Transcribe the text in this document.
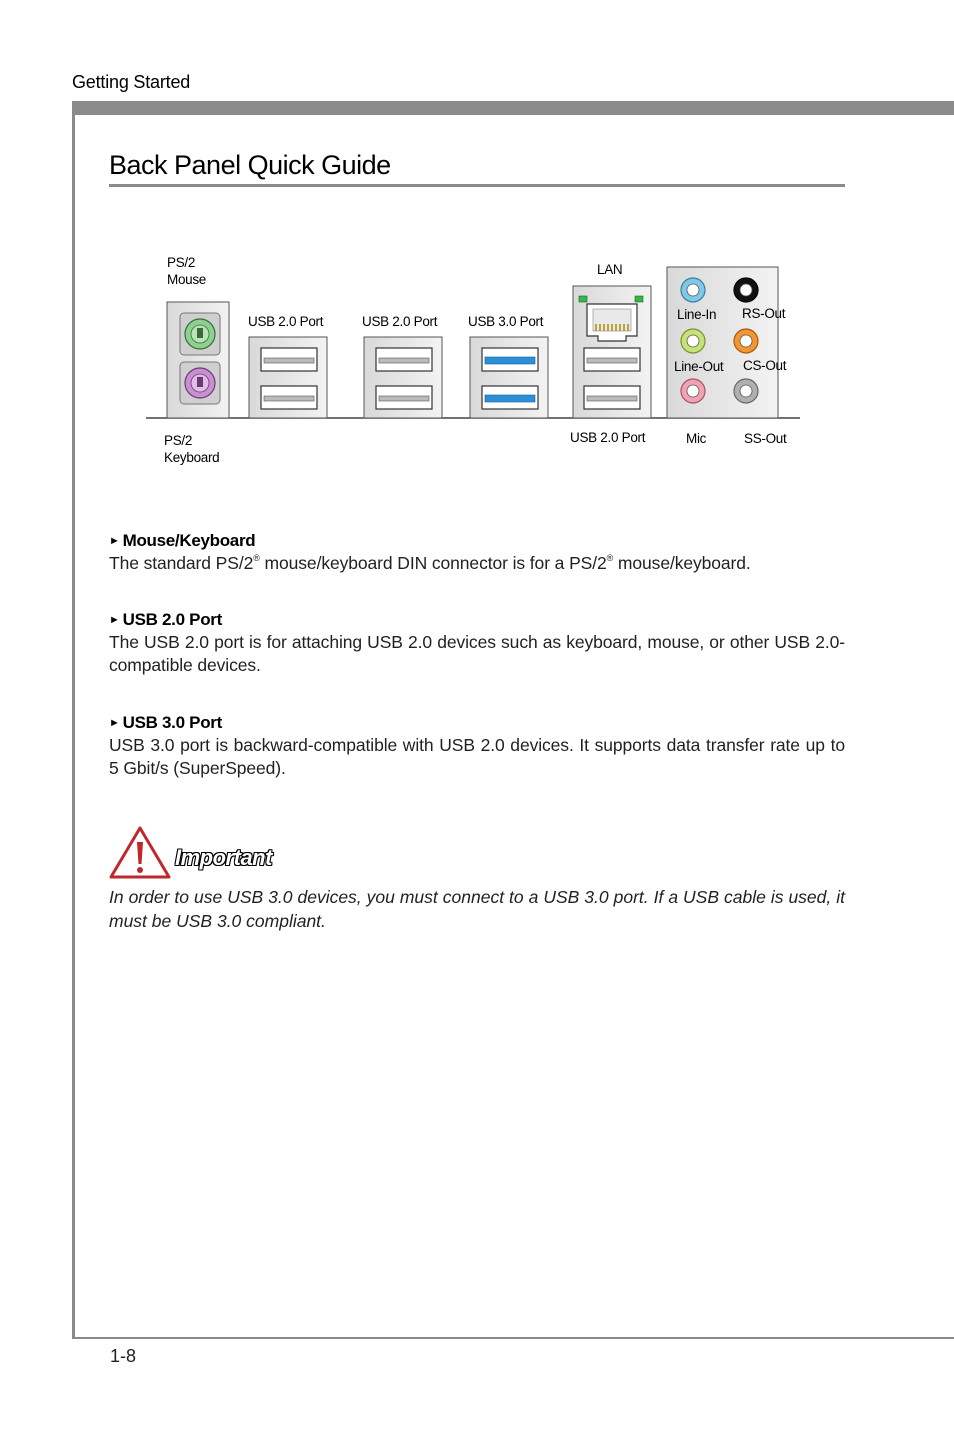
Getting Started
Back Panel Quick Guide
PS/2
Mouse
PS/2
Keyboard
USB 2.0 Port	USB 2.0 Port USB 3.0 Port
LAN
USB 2.0 Port
Line-In RS-Out
Line-Out CS-Out
Mic	SS-Out
► Mouse/Keyboard

The standard PS/2® mouse/keyboard DIN connector is for a PS/2® mouse/keyboard.

► USB 2.0 Port

The USB 2.0 port is for attaching USB 2.0 devices such as keyboard, mouse, or other USB 2.0-compatible devices.

► USB 3.0 Port

USB 3.0 port is backward-compatible with USB 2.0 devices. It supports data transfer rate up to 5 Gbit/s (SuperSpeed).

Important

In order to use USB 3.0 devices, you must connect to a USB 3.0 port. If a USB cable is used, it must be USB 3.0 compliant.

1-8
